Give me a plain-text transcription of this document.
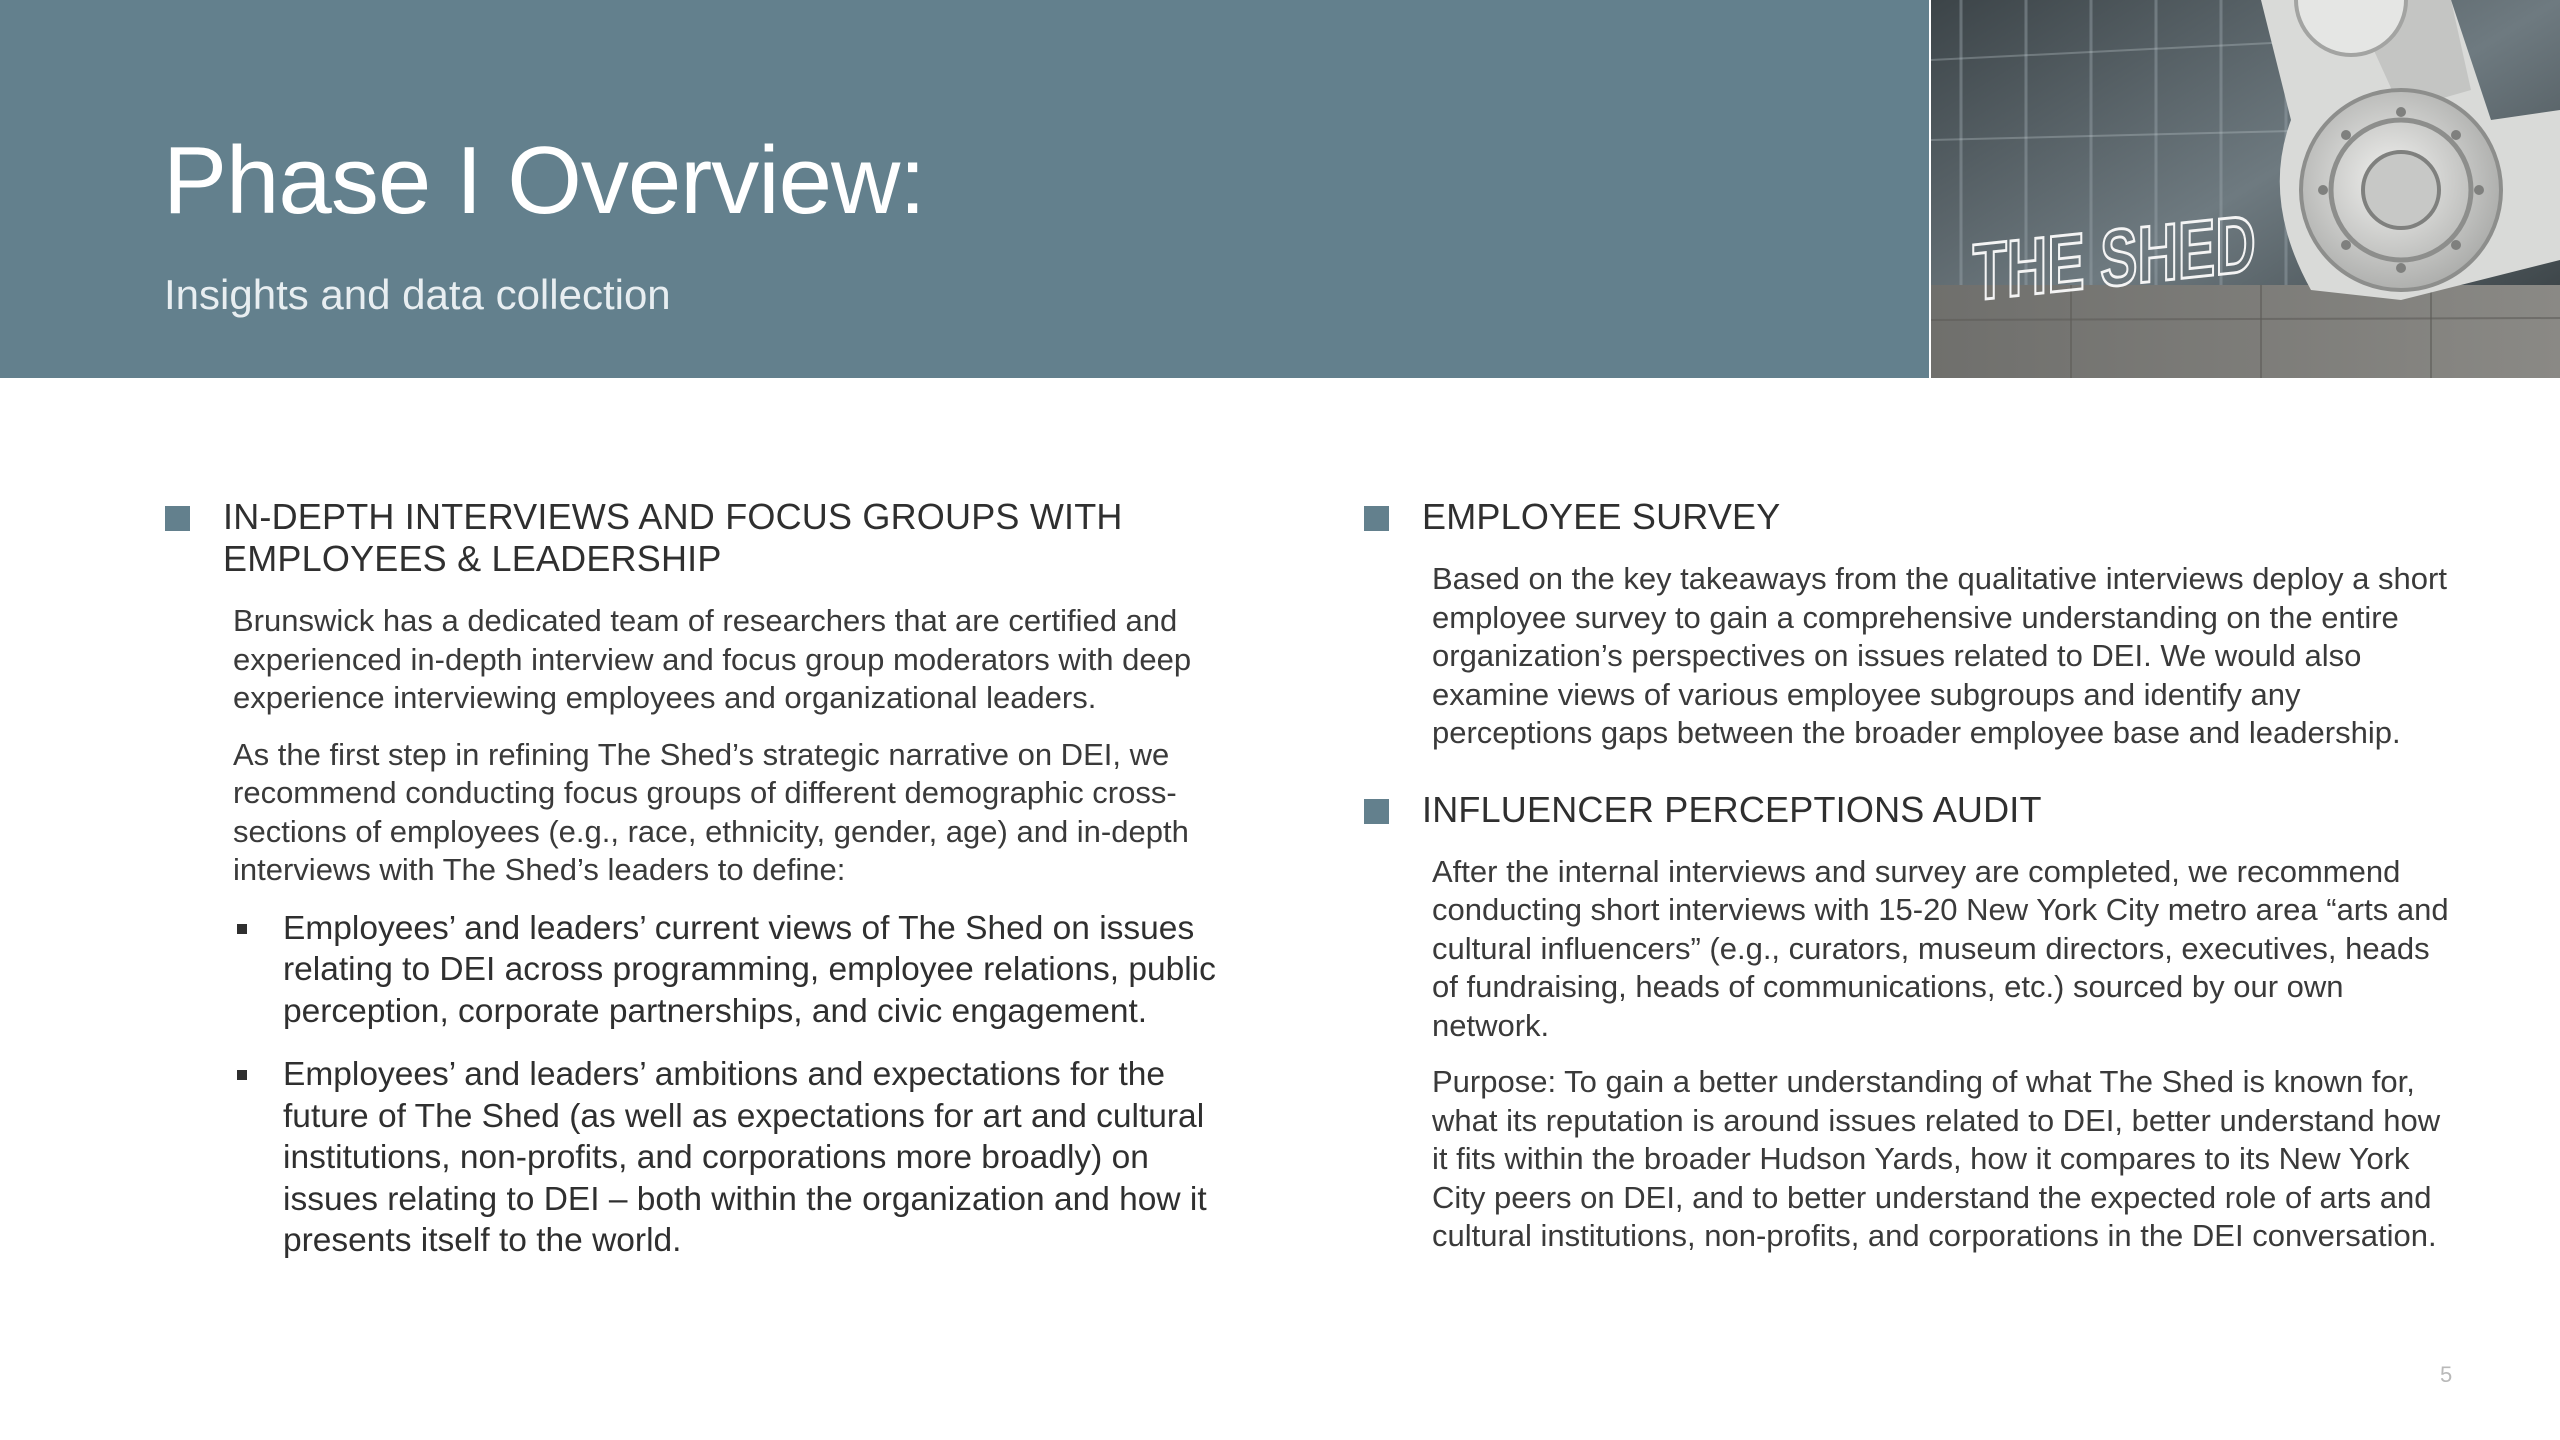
Phase I Overview:
Insights and data collection	THE SHED
IN-DEPTH INTERVIEWS AND FOCUS GROUPS WITH EMPLOYEES & LEADERSHIP

Brunswick has a dedicated team of researchers that are certified and experienced in-depth interview and focus group moderators with deep experience interviewing employees and organizational leaders.

As the first step in refining The Shed’s strategic narrative on DEI, we recommend conducting focus groups of different demographic cross-sections of employees (e.g., race, ethnicity, gender, age) and in-depth interviews with The Shed’s leaders to define:

Employees’ and leaders’ current views of The Shed on issues relating to DEI across programming, employee relations, public perception, corporate partnerships, and civic engagement.
Employees’ and leaders’ ambitions and expectations for the future of The Shed (as well as expectations for art and cultural institutions, non-profits, and corporations more broadly) on issues relating to DEI – both within the organization and how it presents itself to the world.
EMPLOYEE SURVEY

Based on the key takeaways from the qualitative interviews deploy a short employee survey to gain a comprehensive understanding on the entire organization’s perspectives on issues related to DEI. We would also examine views of various employee subgroups and identify any perceptions gaps between the broader employee base and leadership.

INFLUENCER PERCEPTIONS AUDIT

After the internal interviews and survey are completed, we recommend conducting short interviews with 15-20 New York City metro area “arts and cultural influencers” (e.g., curators, museum directors, executives, heads of fundraising, heads of communications, etc.) sourced by our own network.

Purpose: To gain a better understanding of what The Shed is known for, what its reputation is around issues related to DEI, better understand how it fits within the broader Hudson Yards, how it compares to its New York City peers on DEI, and to better understand the expected role of arts and cultural institutions, non-profits, and corporations in the DEI conversation.

5
